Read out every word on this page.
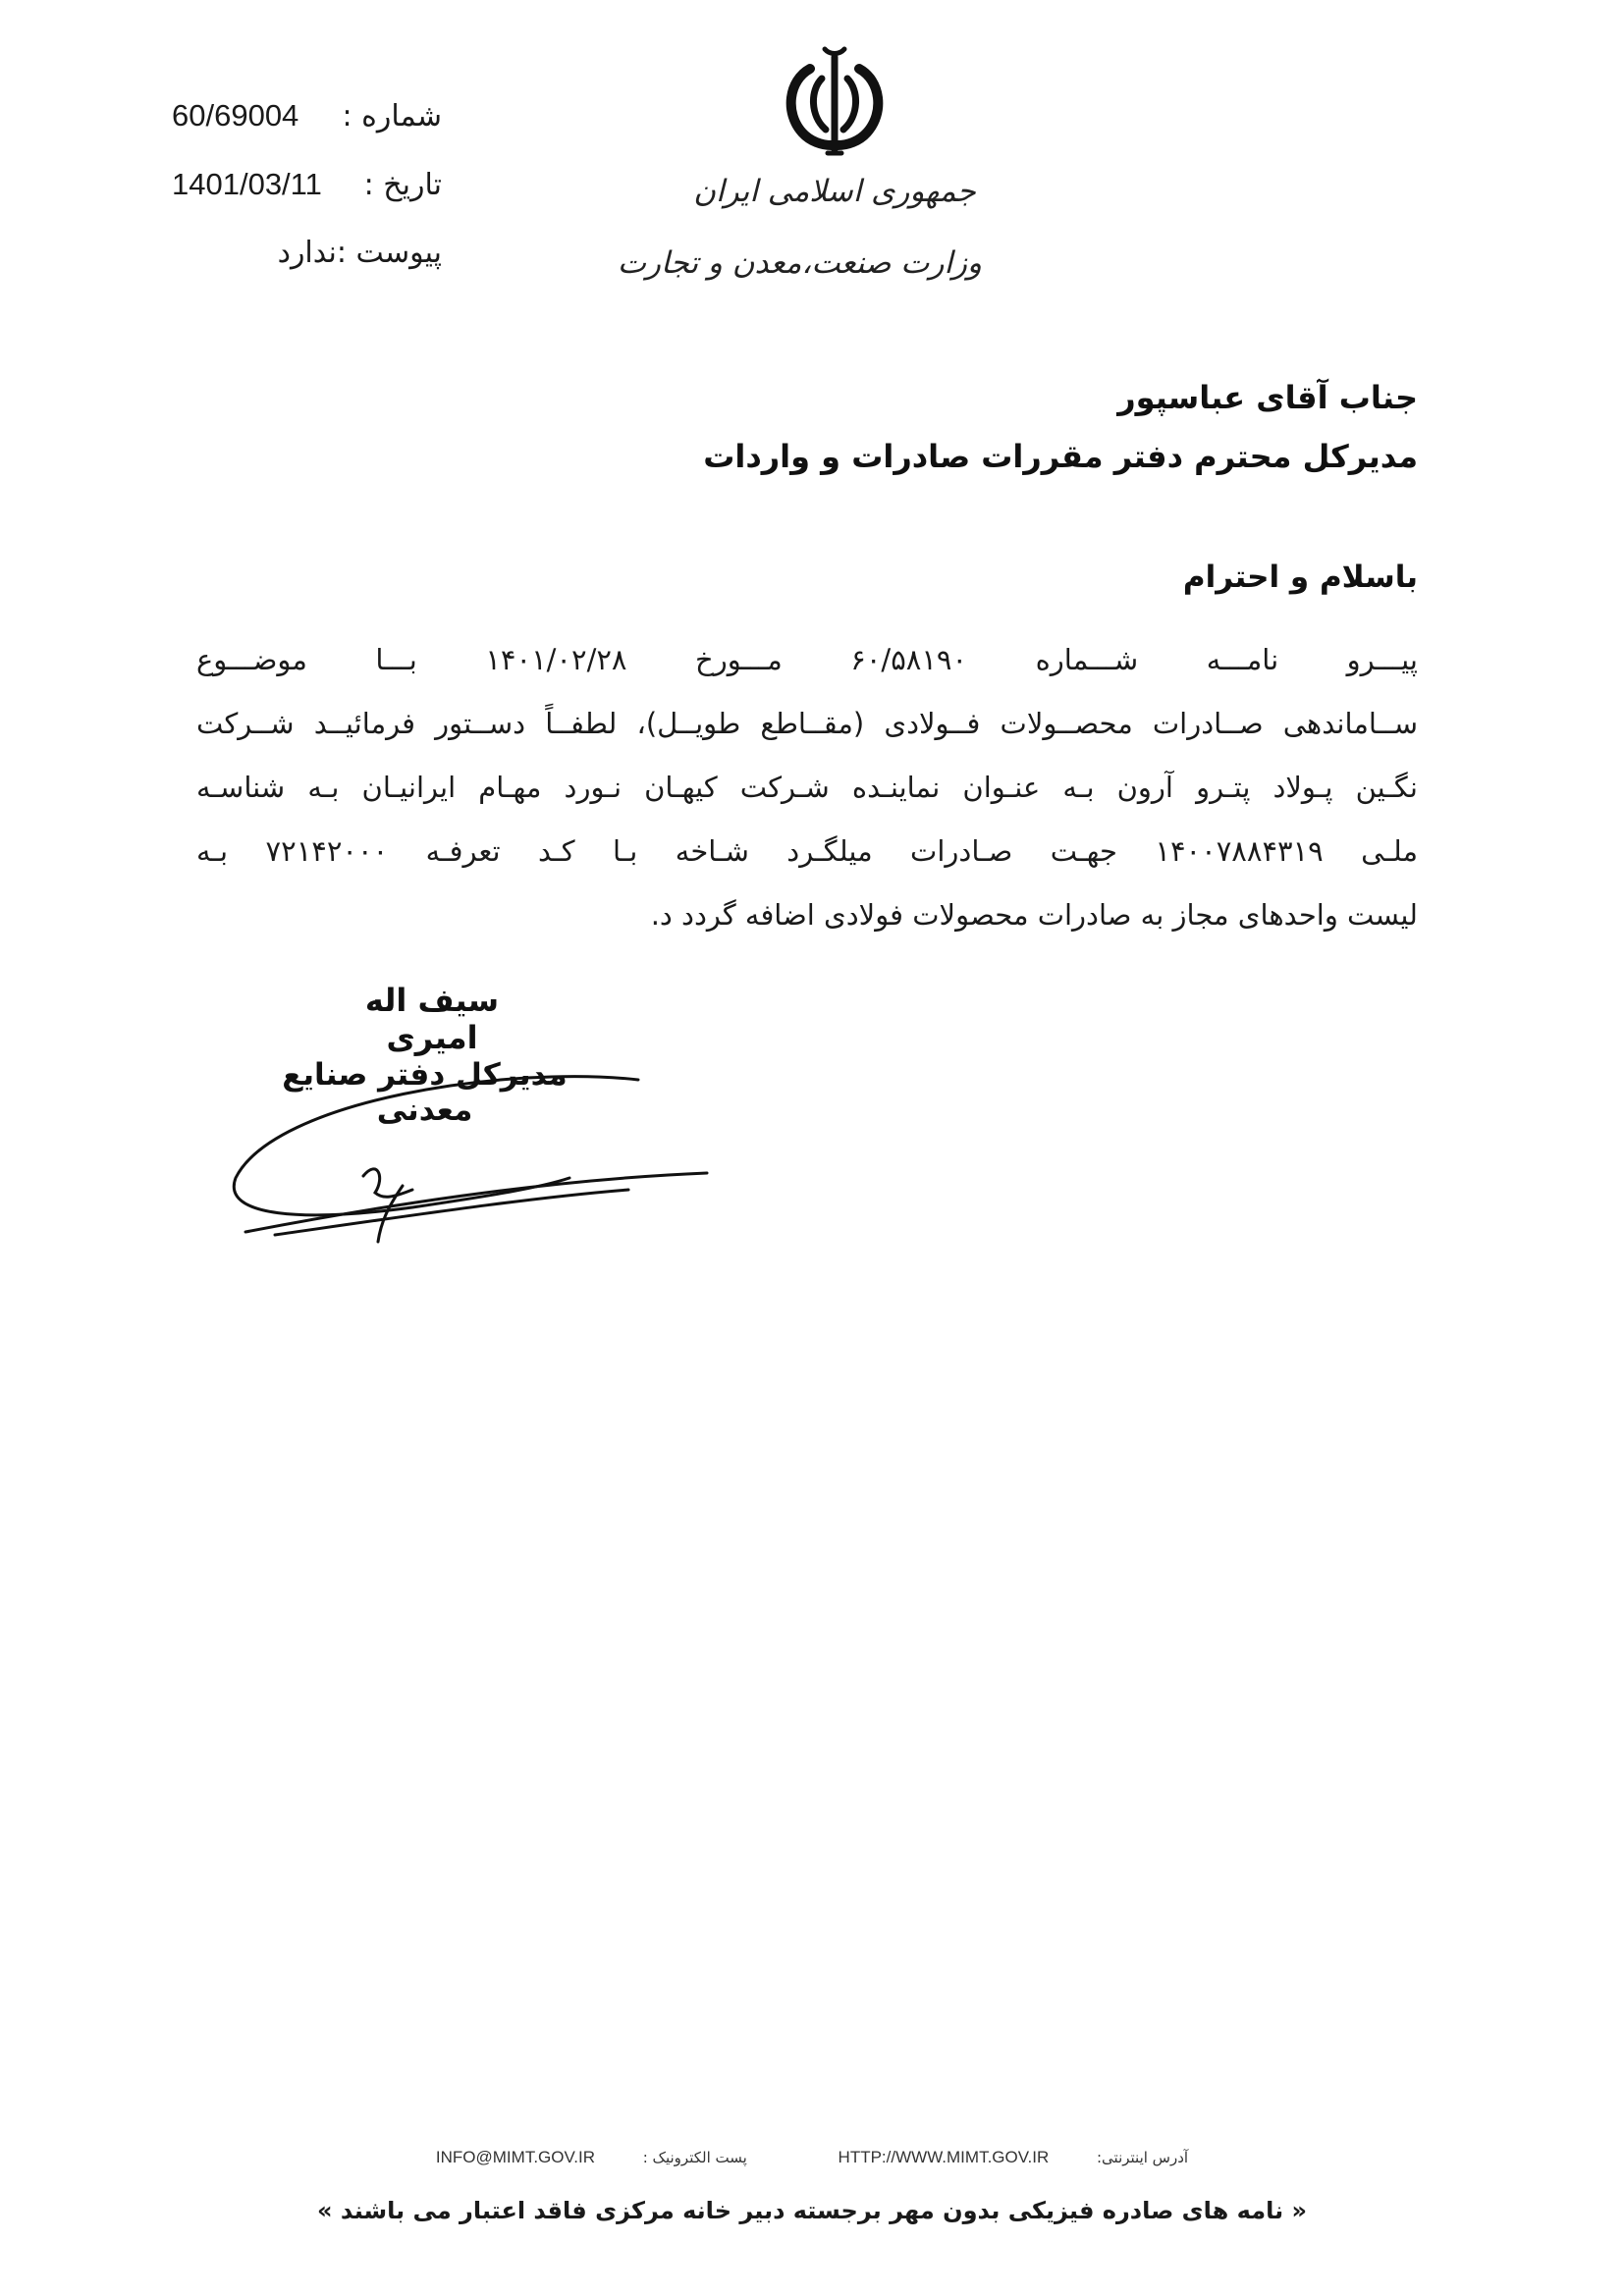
60/69004 شماره :
1401/03/11 تاریخ :
پیوست :ندارد
جمهوری اسلامی ایران
وزارت صنعت،معدن و تجارت
جناب آقای عباسپور
مدیرکل محترم دفتر مقررات صادرات و واردات
باسلام و احترام
پیـــرو نامـــه شـــماره ۶۰/۵۸۱۹۰ مـــورخ ۱۴۰۱/۰۲/۲۸ بـــا موضـــوع
ســاماندهی صــادرات محصــولات فــولادی (مقــاطع طویــل)، لطفــاً دســتور فرمائیــد شــرکت
نگـین پـولاد پتـرو آرون بـه عنـوان نماینـده شـرکت کیهـان نـورد مهـام ایرانیـان بـه شناسـه
ملـی ۱۴۰۰۷۸۸۴۳۱۹ جهـت صـادرات میلگـرد شـاخه بـا کـد تعرفـه ۷۲۱۴۲۰۰۰ بـه
لیست واحدهای مجاز به صادرات محصولات فولادی اضافه گردد د.
سیف اله امیری
مدیرکل دفتر صنایع معدنی
INFO@MIMT.GOV.IR	پست الکترونیک :	HTTP://WWW.MIMT.GOV.IR	آدرس اینترنتی:
« نامه های صادره فیزیکی بدون مهر برجسته دبیر خانه مرکزی فاقد اعتبار می باشند »
